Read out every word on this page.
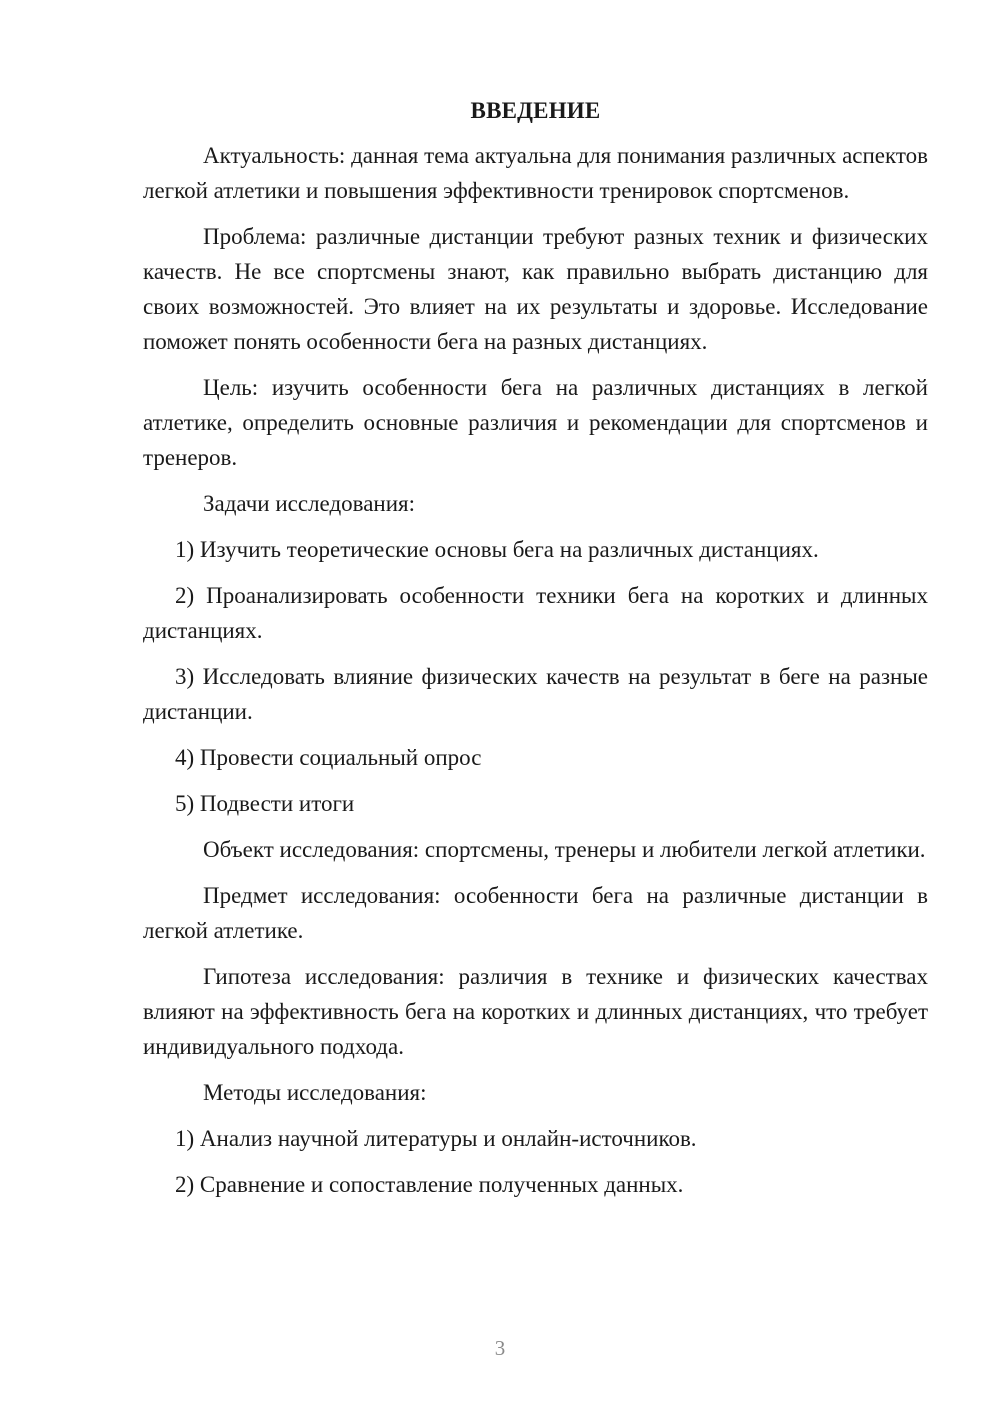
ВВЕДЕНИЕ

Актуальность: данная тема актуальна для понимания различных аспектов легкой атлетики и повышения эффективности тренировок спортсменов.

Проблема: различные дистанции требуют разных техник и физических качеств. Не все спортсмены знают, как правильно выбрать дистанцию для своих возможностей. Это влияет на их результаты и здоровье. Исследование поможет понять особенности бега на разных дистанциях.

Цель: изучить особенности бега на различных дистанциях в легкой атлетике, определить основные различия и рекомендации для спортсменов и тренеров.

Задачи исследования:

1) Изучить теоретические основы бега на различных дистанциях.

2) Проанализировать особенности техники бега на коротких и длинных дистанциях.

3) Исследовать влияние физических качеств на результат в беге на разные дистанции.

4) Провести социальный опрос

5) Подвести итоги

Объект исследования: спортсмены, тренеры и любители легкой атлетики.

Предмет исследования: особенности бега на различные дистанции в легкой атлетике.

Гипотеза исследования: различия в технике и физических качествах влияют на эффективность бега на коротких и длинных дистанциях, что требует индивидуального подхода.

Методы исследования:

1) Анализ научной литературы и онлайн-источников.

2) Сравнение и сопоставление полученных данных.

3
